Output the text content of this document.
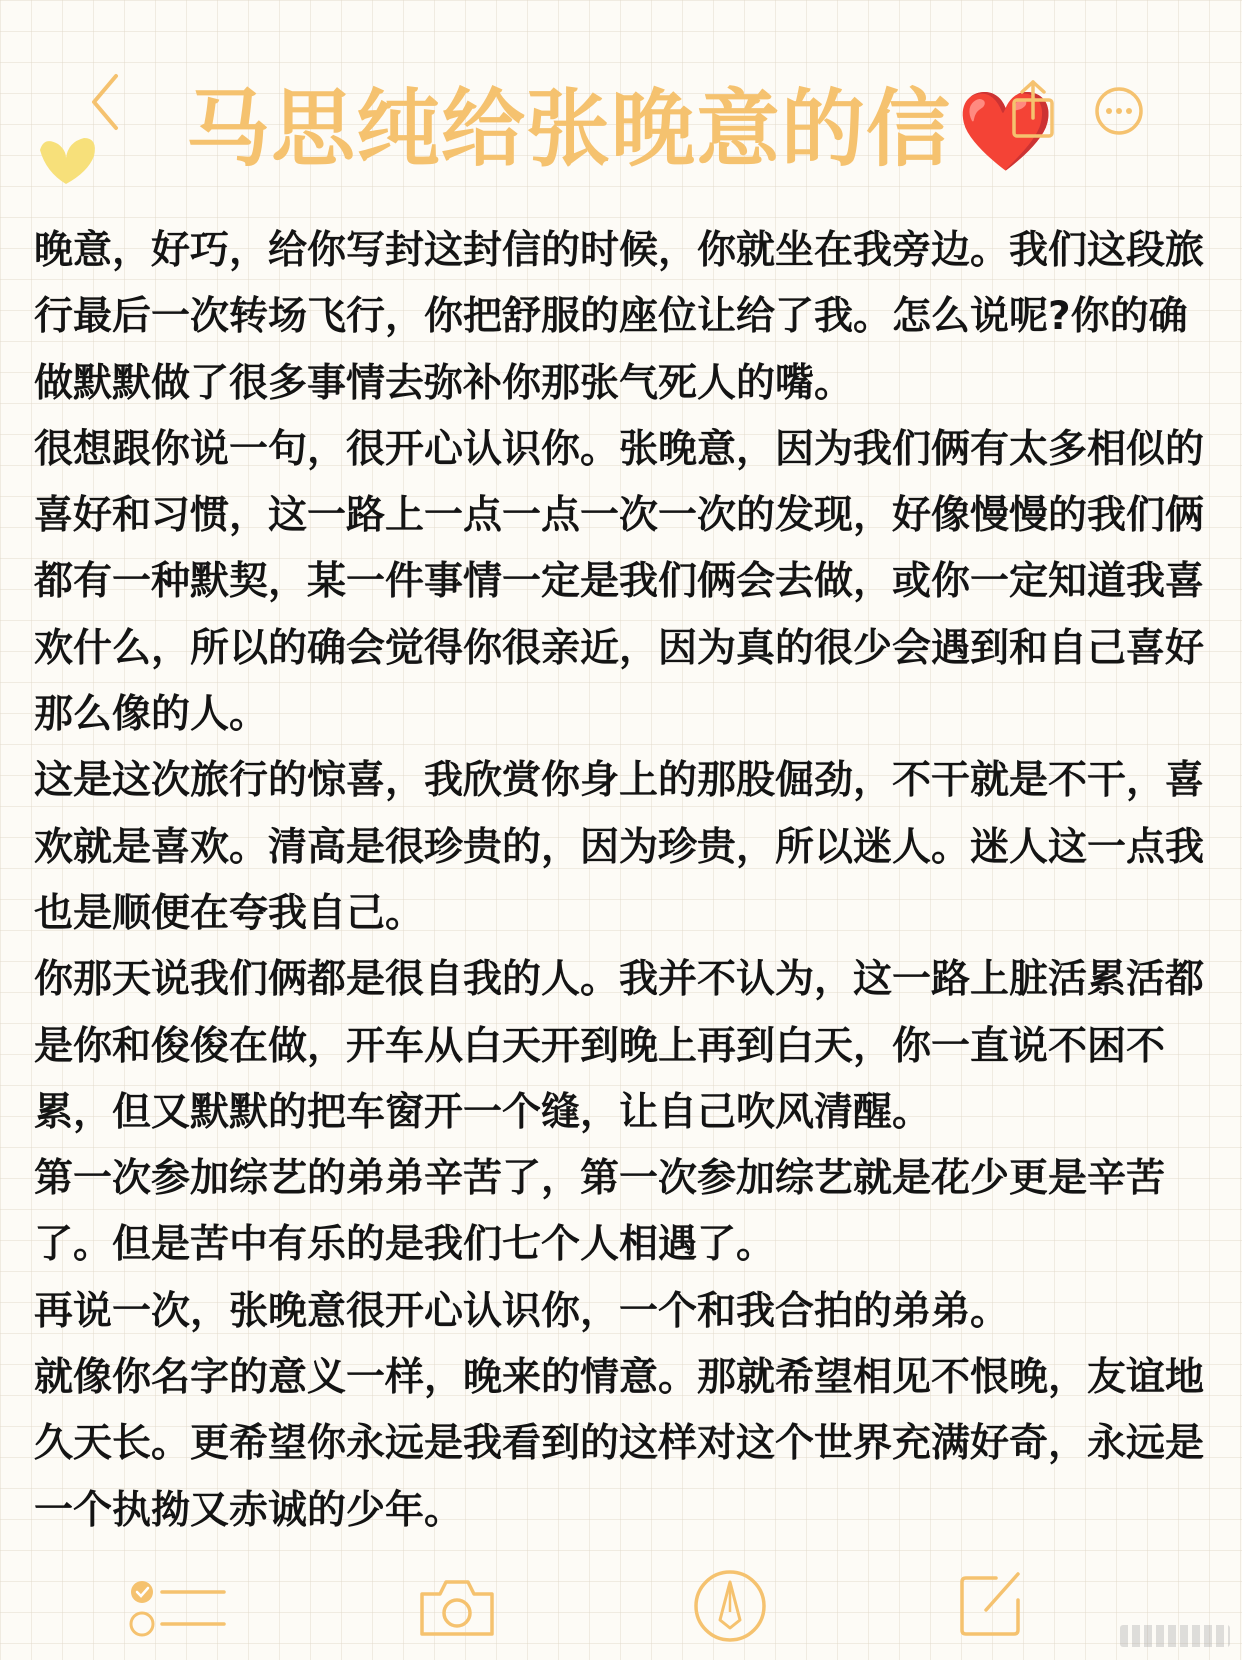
马思纯给张晚意的信❤️

晚意，好巧，给你写封这封信的时候，你就坐在我旁边。我们这段旅行最后一次转场飞行，你把舒服的座位让给了我。怎么说呢?你的确做默默做了很多事情去弥补你那张气死人的嘴。

很想跟你说一句，很开心认识你。张晚意，因为我们俩有太多相似的喜好和习惯，这一路上一点一点一次一次的发现，好像慢慢的我们俩都有一种默契，某一件事情一定是我们俩会去做，或你一定知道我喜欢什么，所以的确会觉得你很亲近，因为真的很少会遇到和自己喜好那么像的人。

这是这次旅行的惊喜，我欣赏你身上的那股倔劲，不干就是不干，喜欢就是喜欢。清高是很珍贵的，因为珍贵，所以迷人。迷人这一点我也是顺便在夸我自己。

你那天说我们俩都是很自我的人。我并不认为，这一路上脏活累活都是你和俊俊在做，开车从白天开到晚上再到白天，你一直说不困不累，但又默默的把车窗开一个缝，让自己吹风清醒。

第一次参加综艺的弟弟辛苦了，第一次参加综艺就是花少更是辛苦了。但是苦中有乐的是我们七个人相遇了。

再说一次，张晚意很开心认识你，一个和我合拍的弟弟。

就像你名字的意义一样，晚来的情意。那就希望相见不恨晚，友谊地久天长。更希望你永远是我看到的这样对这个世界充满好奇，永远是一个执拗又赤诚的少年。
